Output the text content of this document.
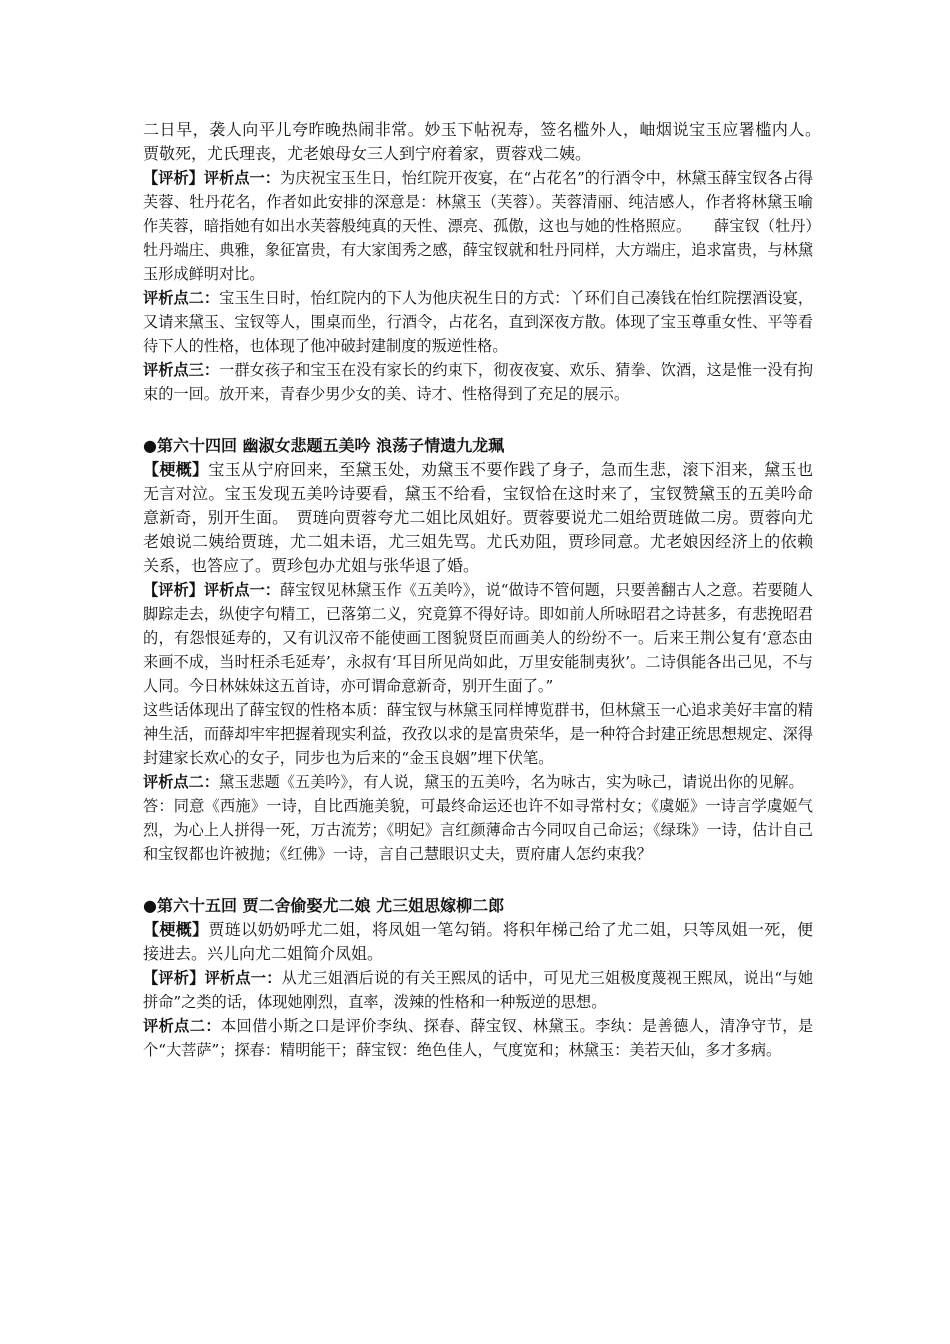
二日早，袭人向平儿夸昨晚热闹非常。妙玉下帖祝寿，签名槛外人，岫烟说宝玉应署槛内人。　　贾敬死，尤氏理丧，尤老娘母女三人到宁府着家，贾蓉戏二姨。

【评析】评析点一：为庆祝宝玉生日，怡红院开夜宴，在“占花名”的行酒令中，林黛玉薛宝钗各占得芙蓉、牡丹花名，作者如此安排的深意是：林黛玉（芙蓉）。芙蓉清丽、纯洁感人，作者将林黛玉喻作芙蓉，暗指她有如出水芙蓉般纯真的天性、漂亮、孤傲，这也与她的性格照应。　　薛宝钗（牡丹）牡丹端庄、典雅，象征富贵，有大家闺秀之感，薛宝钗就和牡丹同样，大方端庄，追求富贵，与林黛玉形成鲜明对比。

评析点二：宝玉生日时，怡红院内的下人为他庆祝生日的方式：丫环们自己凑钱在怡红院摆酒设宴，又请来黛玉、宝钗等人，围桌而坐，行酒令，占花名，直到深夜方散。体现了宝玉尊重女性、平等看待下人的性格，也体现了他冲破封建制度的叛逆性格。

评析点三：一群女孩子和宝玉在没有家长的约束下，彻夜夜宴、欢乐、猜拳、饮酒，这是惟一没有拘束的一回。放开来，青春少男少女的美、诗才、性格得到了充足的展示。

●第六十四回 幽淑女悲题五美吟 浪荡子情遗九龙珮

【梗概】宝玉从宁府回来，至黛玉处，劝黛玉不要作践了身子，急而生悲，滚下泪来，黛玉也无言对泣。宝玉发现五美吟诗要看，黛玉不给看，宝钗恰在这时来了，宝钗赞黛玉的五美吟命意新奇，别开生面。　贾琏向贾蓉夸尤二姐比凤姐好。贾蓉要说尤二姐给贾琏做二房。贾蓉向尤老娘说二姨给贾琏，尤二姐未语，尤三姐先骂。尤氏劝阻，贾珍同意。尤老娘因经济上的依赖关系，也答应了。贾珍包办尤姐与张华退了婚。

【评析】评析点一：薛宝钗见林黛玉作《五美吟》，说“做诗不管何题，只要善翻古人之意。若要随人脚踪走去，纵使字句精工，已落第二义，究竟算不得好诗。即如前人所咏昭君之诗甚多，有悲挽昭君的，有怨恨延寿的，又有讥汉帝不能使画工图貌贤臣而画美人的纷纷不一。后来王荆公复有‘意态由来画不成，当时枉杀毛延寿’，永叔有‘耳目所见尚如此，万里安能制夷狄’。二诗俱能各出己见，不与人同。今日林妹妹这五首诗，亦可谓命意新奇，别开生面了。”

这些话体现出了薛宝钗的性格本质：薛宝钗与林黛玉同样博览群书，但林黛玉一心追求美好丰富的精神生活，而薛却牢牢把握着现实利益，孜孜以求的是富贵荣华，是一种符合封建正统思想规定、深得封建家长欢心的女子，同步也为后来的“金玉良姻”埋下伏笔。

评析点二：黛玉悲题《五美吟》，有人说，黛玉的五美吟，名为咏古，实为咏己，请说出你的见解。

答：同意《西施》一诗，自比西施美貌，可最终命运还也许不如寻常村女；《虞姬》一诗言学虞姬气烈，为心上人拼得一死，万古流芳；《明妃》言红颜薄命古今同叹自己命运；《绿珠》一诗，估计自己和宝钗都也许被抛；《红佛》一诗，言自己慧眼识丈夫，贾府庸人怎约束我？

●第六十五回 贾二舍偷娶尤二娘 尤三姐思嫁柳二郎

【梗概】贾琏以奶奶呼尤二姐，将凤姐一笔勾销。将积年梯己给了尤二姐，只等凤姐一死，便接进去。兴儿向尤二姐简介凤姐。

【评析】评析点一：从尤三姐酒后说的有关王熙凤的话中，可见尤三姐极度蔑视王熙凤，说出“与她拼命”之类的话，体现她刚烈，直率，泼辣的性格和一种叛逆的思想。

评析点二：本回借小斯之口是评价李纨、探春、薛宝钗、林黛玉。李纨：是善德人，清净守节，是个“大菩萨”；探春：精明能干；薛宝钗：绝色佳人，气度宽和；林黛玉：美若天仙，多才多病。
